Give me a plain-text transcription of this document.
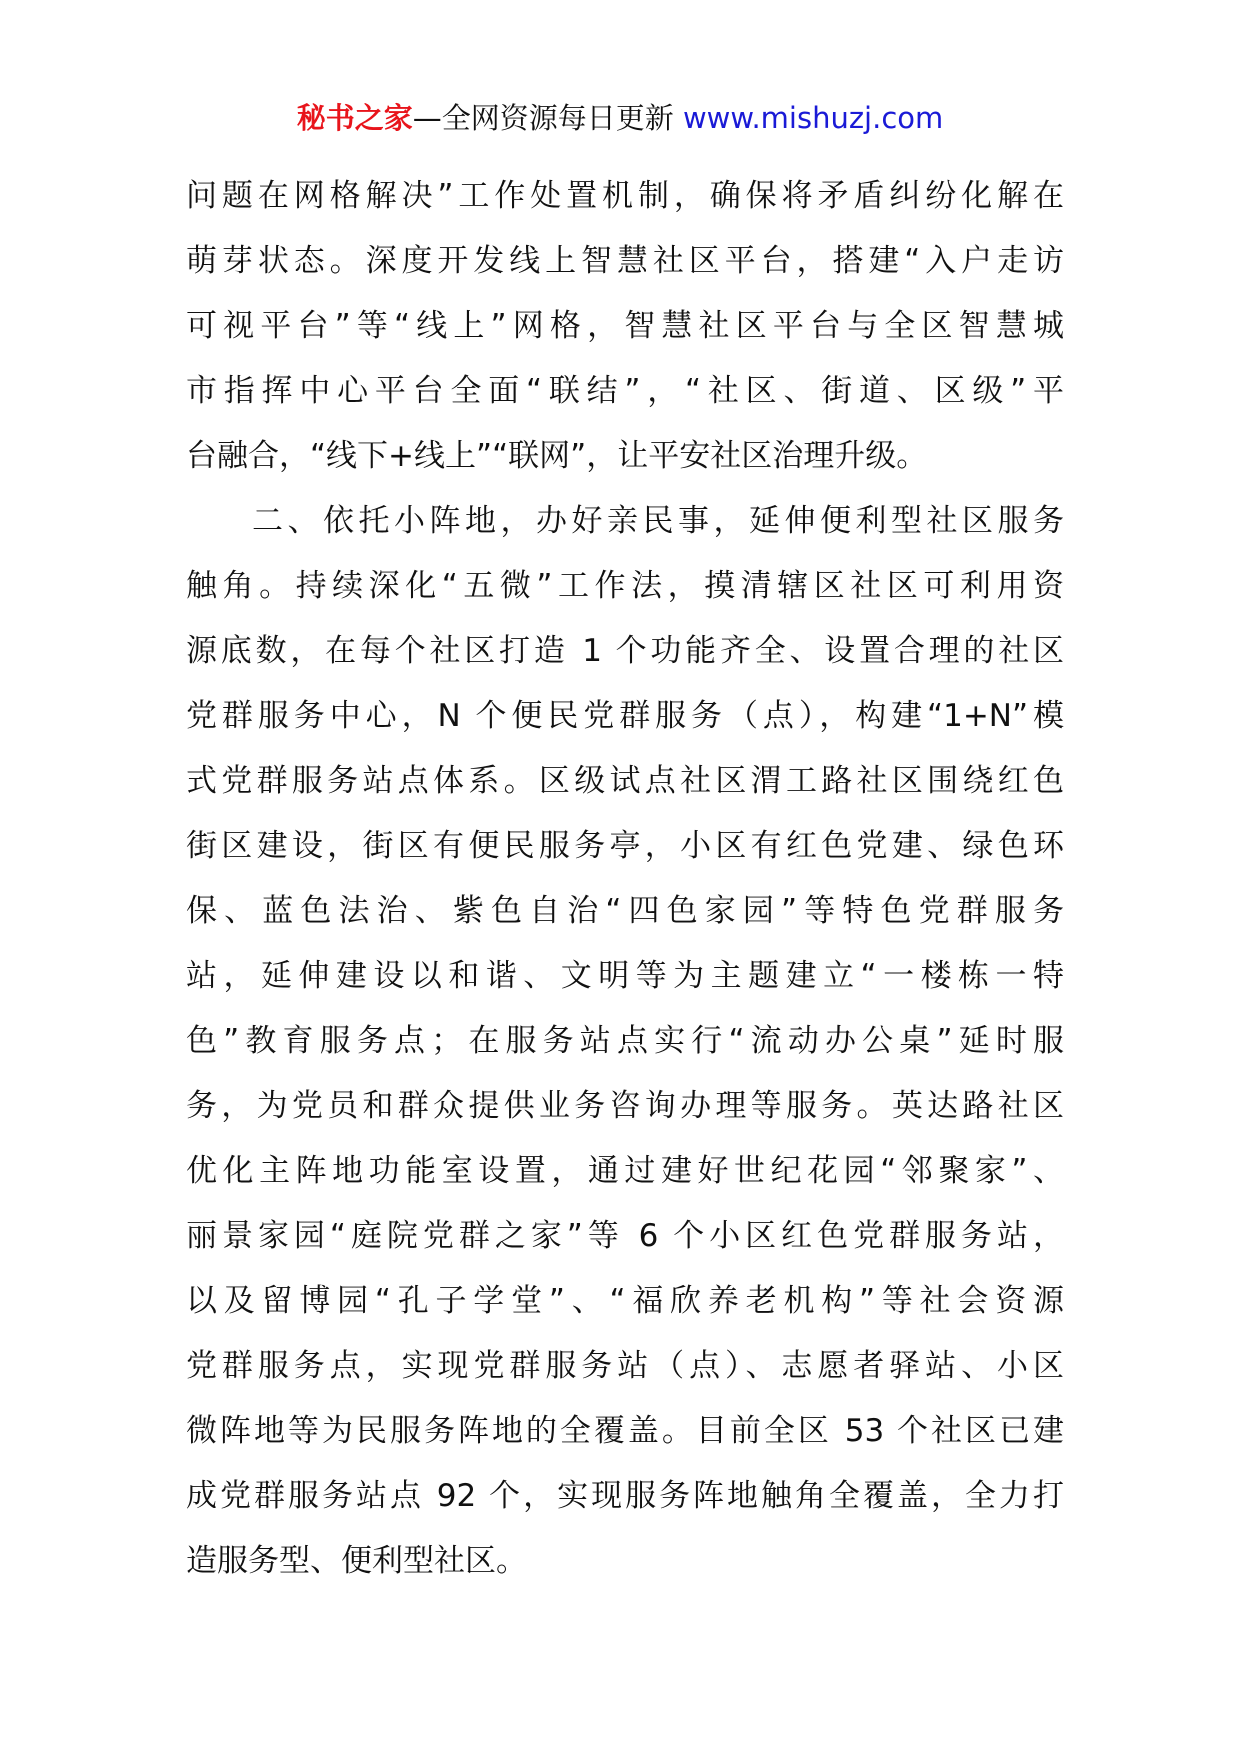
秘书之家—全网资源每日更新 www.mishuzj.com
问题在网格解决”工作处置机制，确保将矛盾纠纷化解在
萌芽状态。深度开发线上智慧社区平台，搭建“入户走访
可视平台”等“线上”网格，智慧社区平台与全区智慧城
市指挥中心平台全面“联结”，“社区、街道、区级”平
台融合，“线下+线上”“联网”，让平安社区治理升级。
二、依托小阵地，办好亲民事，延伸便利型社区服务
触角。持续深化“五微”工作法，摸清辖区社区可利用资
源底数，在每个社区打造 1 个功能齐全、设置合理的社区
党群服务中心，N 个便民党群服务（点），构建“1+N”模
式党群服务站点体系。区级试点社区渭工路社区围绕红色
街区建设，街区有便民服务亭，小区有红色党建、绿色环
保、蓝色法治、紫色自治“四色家园”等特色党群服务
站，延伸建设以和谐、文明等为主题建立“一楼栋一特
色”教育服务点；在服务站点实行“流动办公桌”延时服
务，为党员和群众提供业务咨询办理等服务。英达路社区
优化主阵地功能室设置，通过建好世纪花园“邻聚家”、
丽景家园“庭院党群之家”等 6 个小区红色党群服务站，
以及留博园“孔子学堂”、“福欣养老机构”等社会资源
党群服务点，实现党群服务站（点）、志愿者驿站、小区
微阵地等为民服务阵地的全覆盖。目前全区 53 个社区已建
成党群服务站点 92 个，实现服务阵地触角全覆盖，全力打
造服务型、便利型社区。
